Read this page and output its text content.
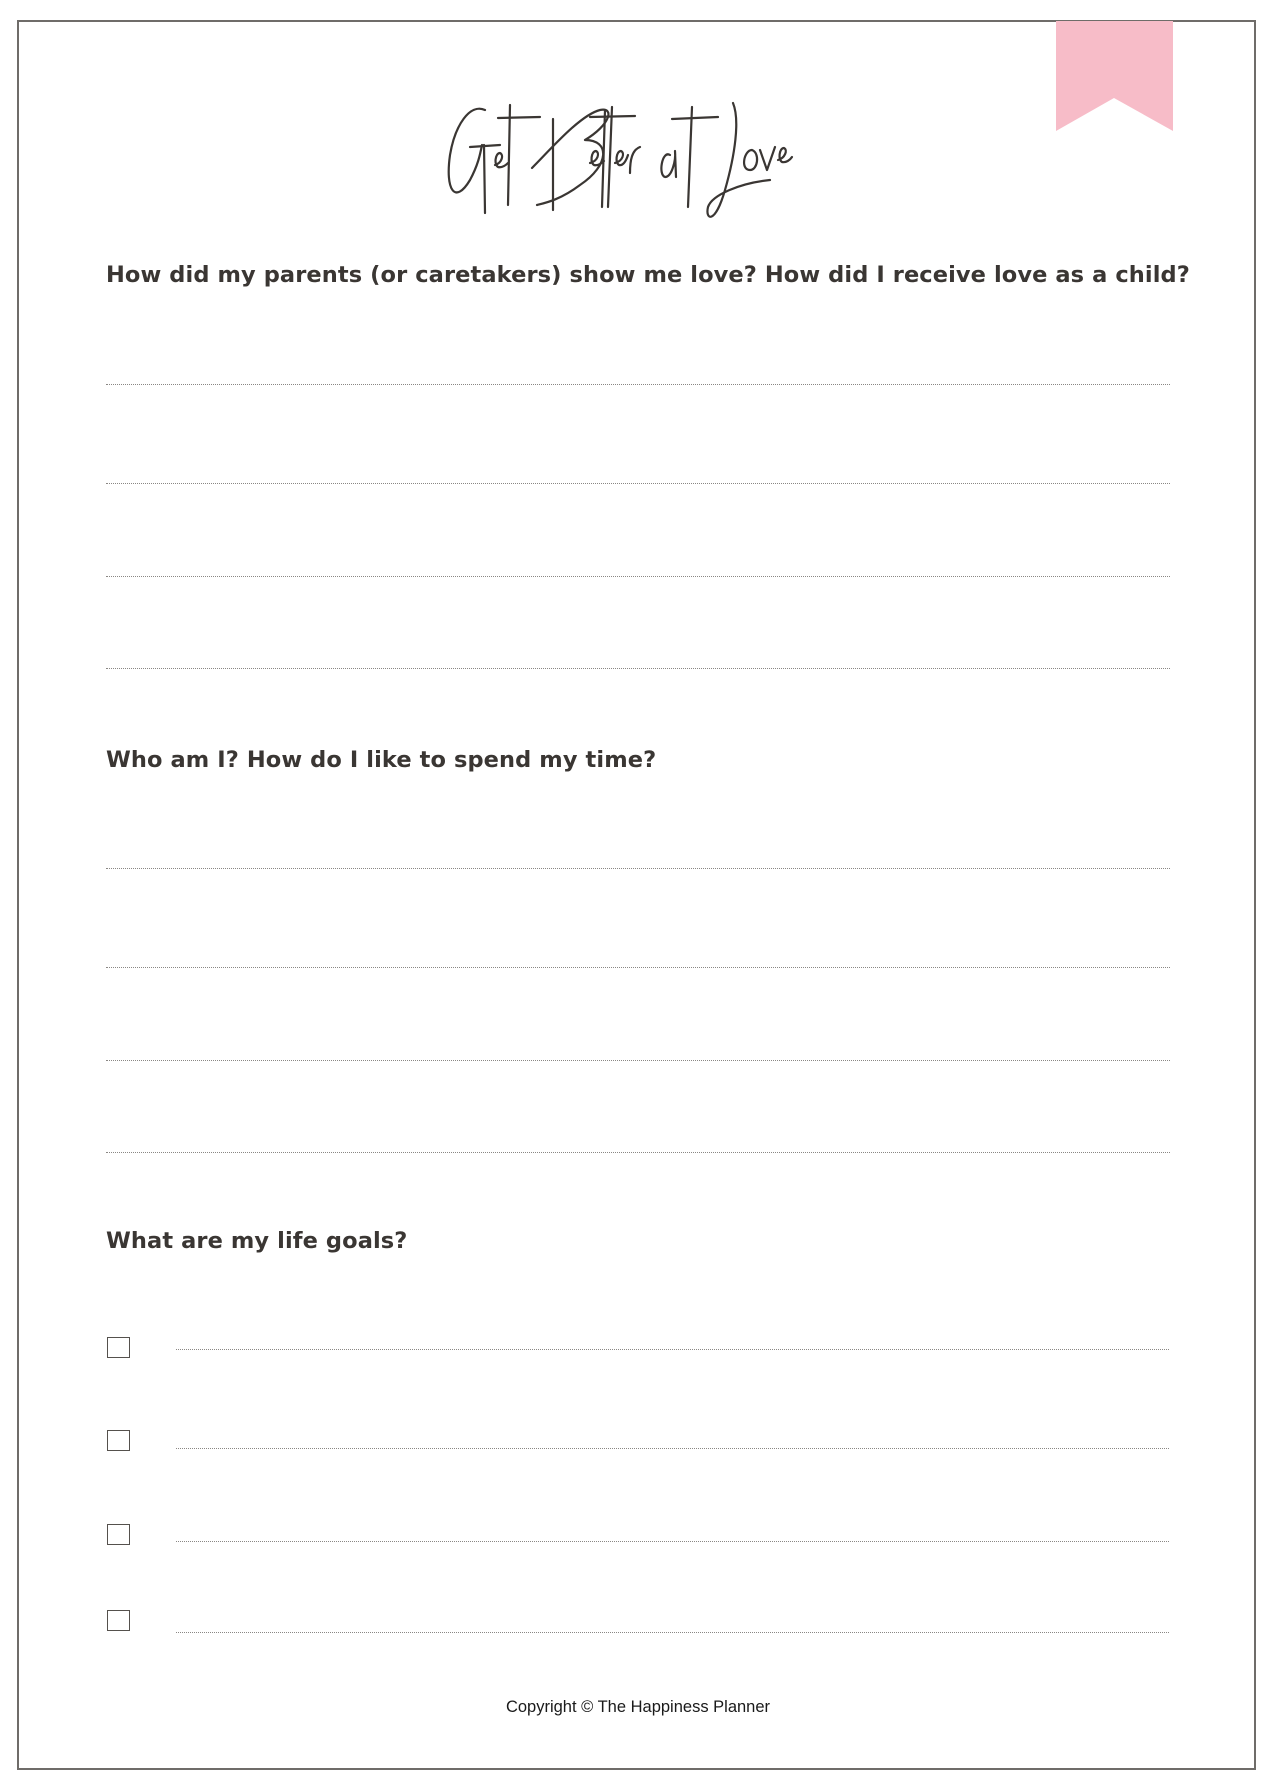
How did my parents (or caretakers) show me love? How did I receive love as a child?
Who am I? How do I like to spend my time?
What are my life goals?
Copyright © The Happiness Planner
